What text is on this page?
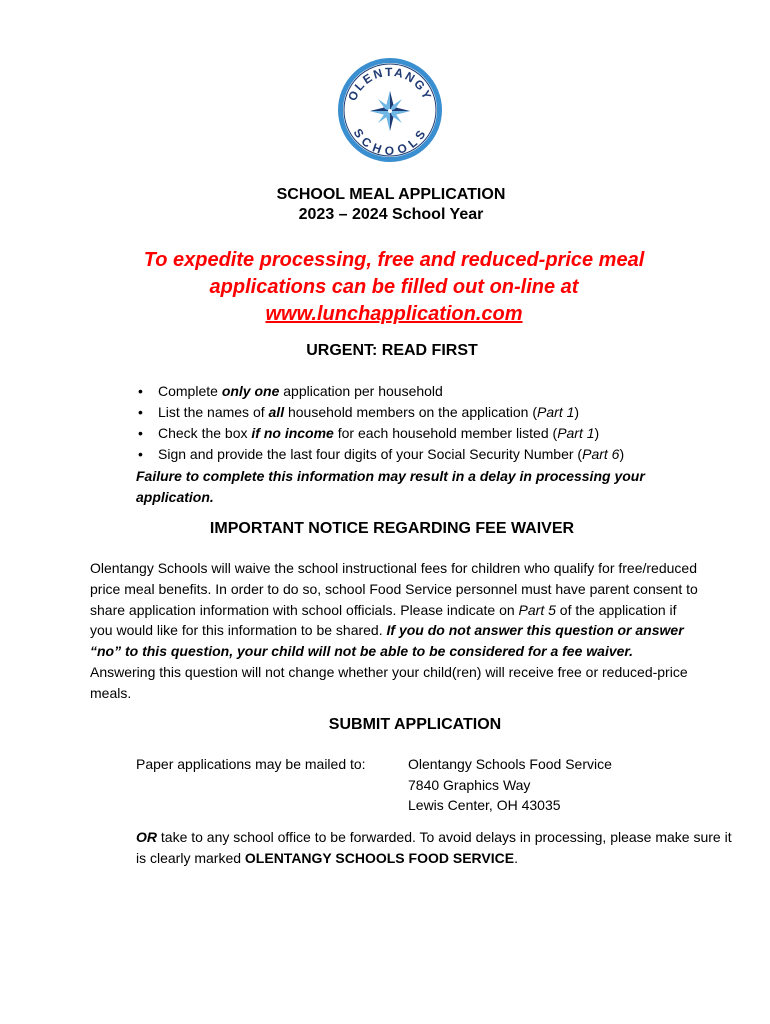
OLENTANGY
SCHOOLS
SCHOOL MEAL APPLICATION
2023 – 2024 School Year
To expedite processing, free and reduced-price meal
applications can be filled out on-line at
www.lunchapplication.com
URGENT: READ FIRST
• Complete only one application per household
• List the names of all household members on the application (Part 1)
• Check the box if no income for each household member listed (Part 1)
• Sign and provide the last four digits of your Social Security Number (Part 6)
Failure to complete this information may result in a delay in processing your application.
IMPORTANT NOTICE REGARDING FEE WAIVER
Olentangy Schools will waive the school instructional fees for children who qualify for free/reduced price meal benefits. In order to do so, school Food Service personnel must have parent consent to share application information with school officials. Please indicate on Part 5 of the application if you would like for this information to be shared. If you do not answer this question or answer “no” to this question, your child will not be able to be considered for a fee waiver. Answering this question will not change whether your child(ren) will receive free or reduced-price meals.
SUBMIT APPLICATION
Paper applications may be mailed to:	Olentangy Schools Food Service
7840 Graphics Way
Lewis Center, OH 43035
OR take to any school office to be forwarded. To avoid delays in processing, please make sure it is clearly marked OLENTANGY SCHOOLS FOOD SERVICE.
